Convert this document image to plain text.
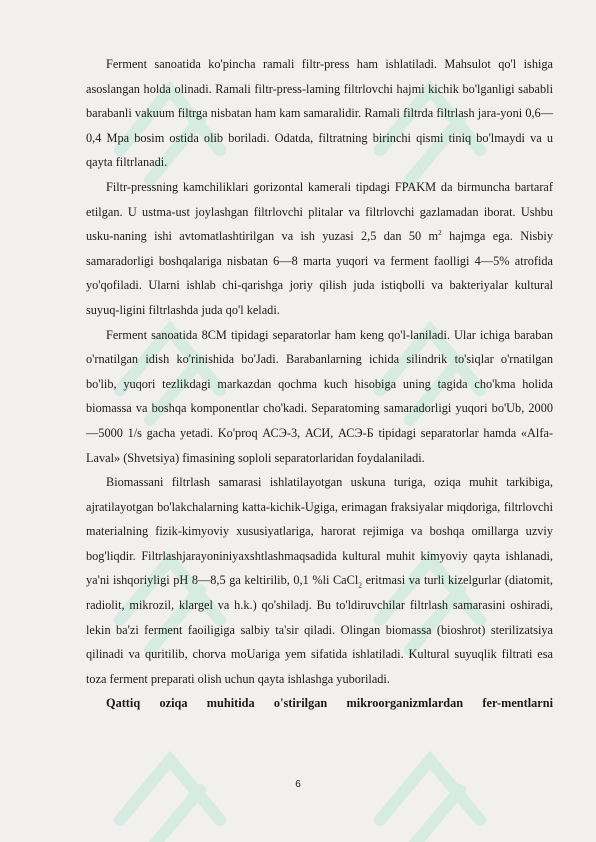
Ferment sanoatida ko'pincha ramali filtr-press ham ishlatiladi. Mahsulot qo'l ishiga asoslangan holda olinadi. Ramali filtr-press-laming filtrlovchi hajmi kichik bo'lganligi sababli barabanli vakuum filtrga nisbatan ham kam samaralidir. Ramali filtrda filtrlash jara-yoni 0,6—0,4 Mpa bosim ostida olib boriladi. Odatda, filtratning birinchi qismi tiniq bo'lmaydi va u qayta filtrlanadi.

Filtr-pressning kamchiliklari gorizontal kamerali tipdagi FPAKM da birmuncha bartaraf etilgan. U ustma-ust joylashgan filtrlovchi plitalar va filtrlovchi gazlamadan iborat. Ushbu usku-naning ishi avtomatlashtirilgan va ish yuzasi 2,5 dan 50 $m^2$ hajmga ega. Nisbiy samaradorligi boshqalariga nisbatan 6—8 marta yuqori va ferment faolligi 4—5% atrofida yo'qofiladi. Ularni ishlab chi-qarishga joriy qilish juda istiqbolli va bakteriyalar kultural suyuq-ligini filtrlashda juda qo'l keladi.

Ferment sanoatida 8CM tipidagi separatorlar ham keng qo'l-laniladi. Ular ichiga baraban o'rnatilgan idish ko'rinishida bo'Jadi. Barabanlarning ichida silindrik to'siqlar o'rnatilgan bo'lib, yuqori tezlikdagi markazdan qochma kuch hisobiga uning tagida cho'kma holida biomassa va boshqa komponentlar cho'kadi. Separatoming samaradorligi yuqori bo'Ub, 2000—5000 1/s gacha yetadi. Ko'proq АСЭ-3, АСИ, АСЭ-Б tipidagi separatorlar hamda «Alfa-Laval» (Shvetsiya) fimasining soploli separatorlaridan foydalaniladi.

Biomassani filtrlash samarasi ishlatilayotgan uskuna turiga, oziqa muhit tarkibiga, ajratilayotgan bo'lakchalarning katta-kichik-Ugiga, erimagan fraksiyalar miqdoriga, filtrlovchi materialning fizik-kimyoviy xususiyatlariga, harorat rejimiga va boshqa omillarga uzviy bog'liqdir. Filtrlashjarayoniniyaxshtlashmaqsadida kultural muhit kimyoviy qayta ishlanadi, ya'ni ishqoriyligi pH 8—8,5 ga keltirilib, 0,1 %li CaCl$_2$ eritmasi va turli kizelgurlar (diatomit, radiolit, mikrozil, klargel va h.k.) qo'shiladj. Bu to'ldiruvchilar filtrlash samarasini oshiradi, lekin ba'zi ferment faoiligiga salbiy ta'sir qiladi. Olingan biomassa (bioshrot) sterilizatsiya qilinadi va quritilib, chorva moUariga yem sifatida ishlatiladi. Kultural suyuqlik filtrati esa toza ferment preparati olish uchun qayta ishlashga yuboriladi.

Qattiq oziqa muhitida o'stirilgan mikroorganizmlardan fer-mentlarni

6
